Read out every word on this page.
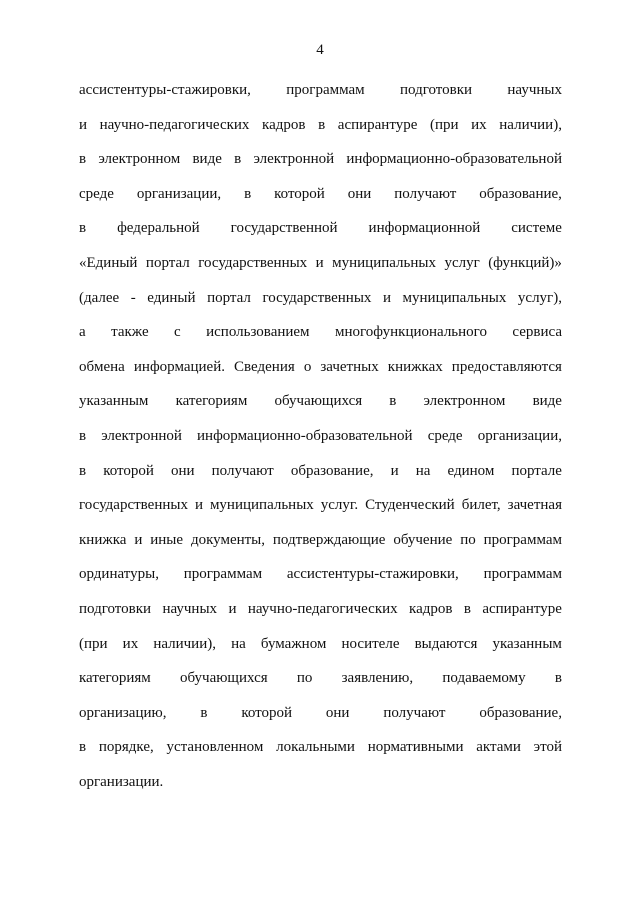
4
ассистентуры-стажировки, программам подготовки научных
и научно-педагогических кадров в аспирантуре (при их наличии),
в электронном виде в электронной информационно-образовательной
среде организации, в которой они получают образование,
в федеральной государственной информационной системе
«Единый портал государственных и муниципальных услуг (функций)»
(далее - единый портал государственных и муниципальных услуг),
а также с использованием многофункционального сервиса
обмена информацией. Сведения о зачетных книжках предоставляются
указанным категориям обучающихся в электронном виде
в электронной информационно-образовательной среде организации,
в которой они получают образование, и на едином портале
государственных и муниципальных услуг. Студенческий билет, зачетная
книжка и иные документы, подтверждающие обучение по программам
ординатуры, программам ассистентуры-стажировки, программам
подготовки научных и научно-педагогических кадров в аспирантуре
(при их наличии), на бумажном носителе выдаются указанным
категориям обучающихся по заявлению, подаваемому в
организацию, в которой они получают образование,
в порядке, установленном локальными нормативными актами этой
организации.
